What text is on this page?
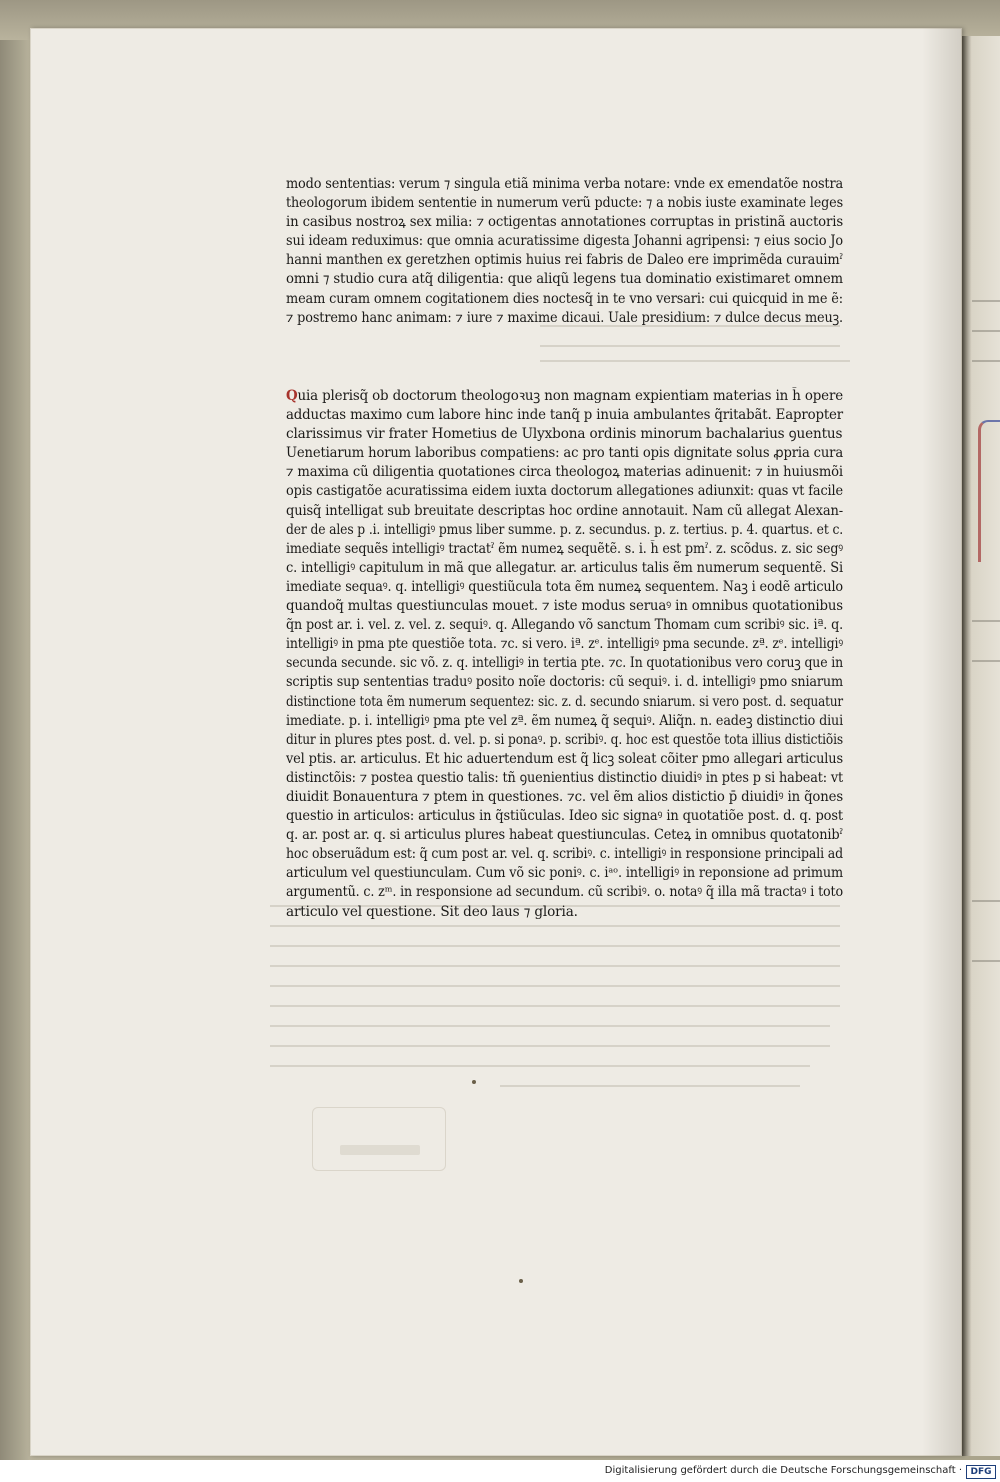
modo sententias: verum ⁊ singula etiã minima verba notare: vnde ex emendatõe nostra
theologorum ibidem sententie in numerum verũ pducte: ⁊ a nobis iuste examinate leges
in casibus nostroꝝ sex milia: ⁊ octigentas annotationes corruptas in pristinã auctoris
sui ideam reduximus: que omnia acuratissime digesta Johanni agripensi: ⁊ eius socio Jo
hanni manthen ex geretzhen optimis huius rei fabris de Daleo ere imprimẽda curauimˀ
omni ⁊ studio cura atq̃ diligentia: que aliqũ legens tua dominatio existimaret omnem
meam curam omnem cogitationem dies noctesq̃ in te vno versari: cui quicquid in me ẽ:
⁊ postremo hanc animam: ⁊ iure ⁊ maxime dicaui. Uale presidium: ⁊ dulce decus meuꝫ.
Quia plerisq̃ ob doctorum theologoꝛuꝫ non magnam expientiam materias in h̄ opere
adductas maximo cum labore hinc inde tanq̃ p inuia ambulantes q̃ritabãt. Eapropter
clarissimus vir frater Hometius de Ulyxbona ordinis minorum bachalarius ꝯuentus
Uenetiarum horum laboribus compatiens: ac pro tanti opis dignitate solus ꝓpria cura
⁊ maxima cũ diligentia quotationes circa theologoꝝ materias adinuenit: ⁊ in huiusmõi
opis castigatõe acuratissima eidem iuxta doctorum allegationes adiunxit: quas vt facile
quisq̃ intelligat sub breuitate descriptas hoc ordine annotauit. Nam cũ allegat Alexan-
der de ales p .i. intelligiꝰ pmus liber summe. p. z. secundus. p. z. tertius. p. 4. quartus. et c.
imediate sequẽs intelligiꝰ tractatˀ ẽm numeꝝ sequẽtẽ. s. i. h̄ est pmˀ. z. scõdus. z. sic segꝰ
c. intelligiꝰ capitulum in mã que allegatur. ar. articulus talis ẽm numerum sequentẽ. Si
imediate sequaꝰ. q. intelligiꝰ questiũcula tota ẽm numeꝝ sequentem. Naꝫ i eodẽ articulo
quandoq̃ multas questiunculas mouet. ⁊ iste modus seruaꝰ in omnibus quotationibus
q̃n post ar. i. vel. z. vel. z. sequiꝰ. q. Allegando võ sanctum Thomam cum scribiꝰ sic. iª. q.
intelligiꝰ in pma pte questiõe tota. ⁊c. si vero. iª. zᵉ. intelligiꝰ pma secunde. zª. zᵉ. intelligiꝰ
secunda secunde. sic võ. z. q. intelligiꝰ in tertia pte. ⁊c. In quotationibus vero coruꝫ que in
scriptis sup sententias traduꝰ posito noĩe doctoris: cũ sequiꝰ. i. d. intelligiꝰ pmo sniarum
distinctione tota ẽm numerum sequentez: sic. z. d. secundo sniarum. si vero post. d. sequatur
imediate. p. i. intelligiꝰ pma pte vel zª. ẽm numeꝝ q̃ sequiꝰ. Aliq̃n. n. eadeꝫ distinctio diui
ditur in plures ptes post. d. vel. p. si ponaꝰ. p. scribiꝰ. q. hoc est questõe tota illius distictiõis
vel ptis. ar. articulus. Et hic aduertendum est q̃ licꝫ soleat cõiter pmo allegari articulus
distinctõis: ⁊ postea questio talis: tñ ꝯuenientius distinctio diuidiꝰ in ptes p si habeat: vt
diuidit Bonauentura ⁊ ptem in questiones. ⁊c. vel ẽm alios distictio p̄ diuidiꝰ in q̃ones
questio in articulos: articulus in q̃stiũculas. Ideo sic signaꝰ in quotatiõe post. d. q. post
q. ar. post ar. q. si articulus plures habeat questiunculas. Ceteꝝ in omnibus quotatonibˀ
hoc obseruãdum est: q̃ cum post ar. vel. q. scribiꝰ. c. intelligiꝰ in responsione principali ad
articulum vel questiunculam. Cum võ sic poniꝰ. c. iᵃᵒ. intelligiꝰ in reponsione ad primum
argumentũ. c. zᵐ. in responsione ad secundum. cũ scribiꝰ. o. notaꝰ q̃ illa mã tractaꝰ i toto
articulo vel questione. Sit deo laus ⁊ gloria.
Digitalisierung gefördert durch die Deutsche Forschungsgemeinschaft · DFG
